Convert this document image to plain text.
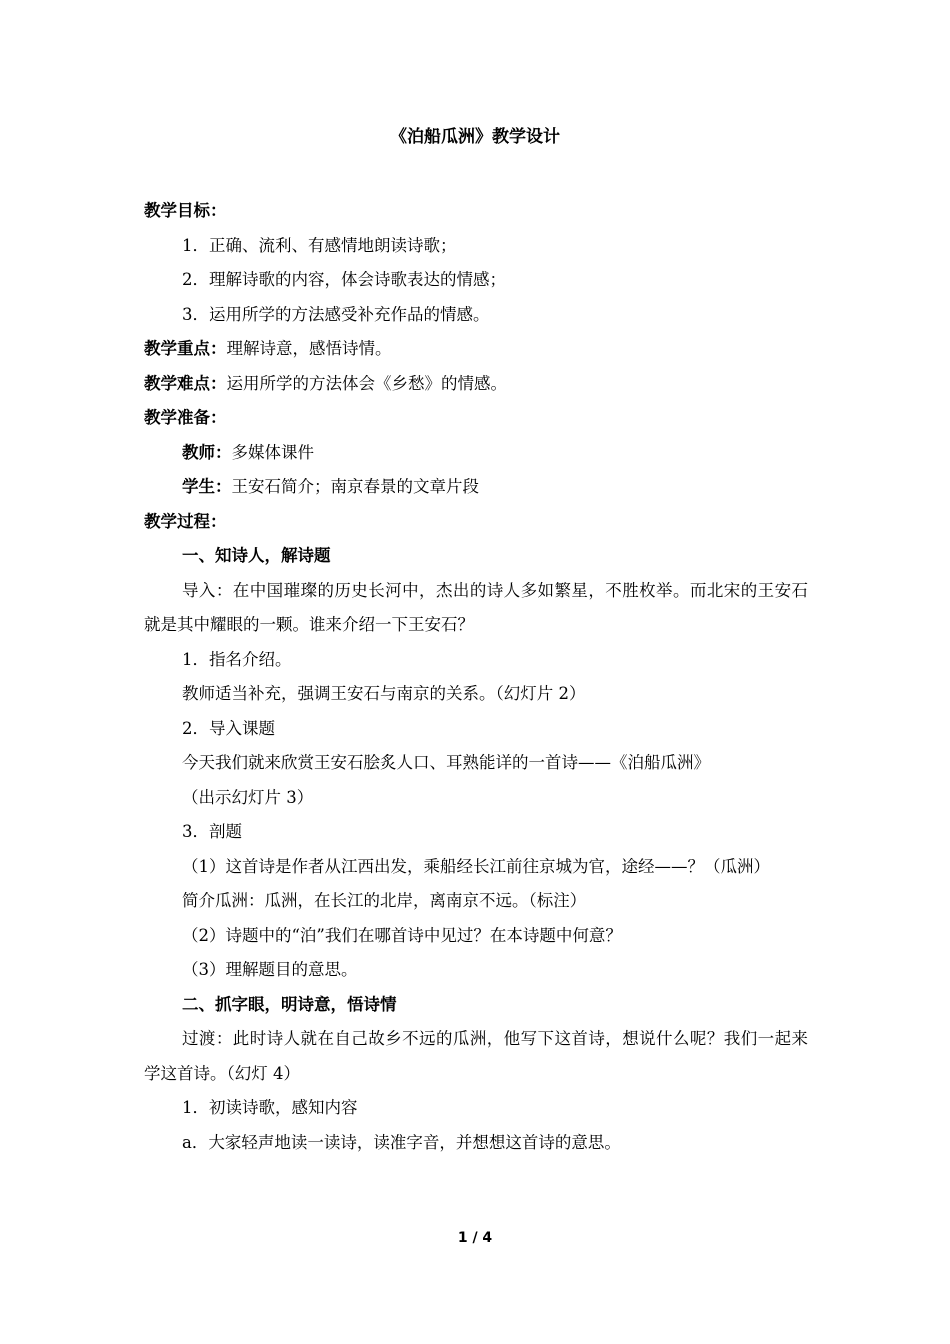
《泊船瓜洲》教学设计
教学目标：
1．正确、流利、有感情地朗读诗歌；
2．理解诗歌的内容，体会诗歌表达的情感；
3．运用所学的方法感受补充作品的情感。
教学重点：理解诗意，感悟诗情。
教学难点：运用所学的方法体会《乡愁》的情感。
教学准备：
教师：多媒体课件
学生：王安石简介；南京春景的文章片段
教学过程：
一、知诗人，解诗题
导入：在中国璀璨的历史长河中，杰出的诗人多如繁星，不胜枚举。而北宋的王安石就是其中耀眼的一颗。谁来介绍一下王安石？
1．指名介绍。
教师适当补充，强调王安石与南京的关系。（幻灯片 2）
2．导入课题
今天我们就来欣赏王安石脍炙人口、耳熟能详的一首诗——《泊船瓜洲》
（出示幻灯片 3）
3．剖题
（1）这首诗是作者从江西出发，乘船经长江前往京城为官，途经——？（瓜洲）
简介瓜洲：瓜洲，在长江的北岸，离南京不远。（标注）
（2）诗题中的“泊”我们在哪首诗中见过？在本诗题中何意？
（3）理解题目的意思。
二、抓字眼，明诗意，悟诗情
过渡：此时诗人就在自己故乡不远的瓜洲，他写下这首诗，想说什么呢？我们一起来学这首诗。（幻灯 4）
1．初读诗歌，感知内容
a．大家轻声地读一读诗，读准字音，并想想这首诗的意思。
1 / 4
